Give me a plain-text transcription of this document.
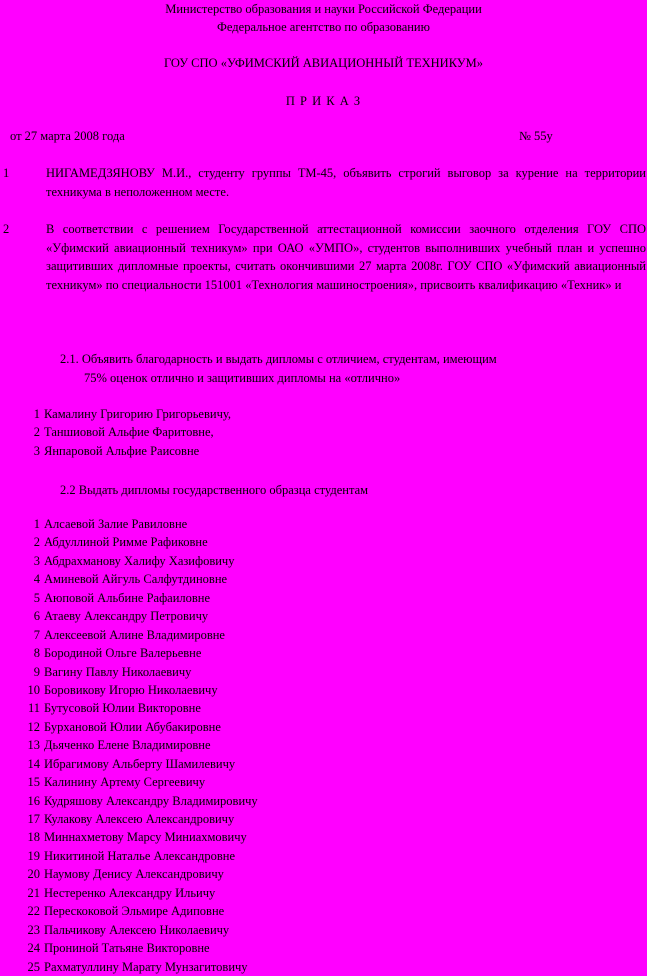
Министерство образования и науки Российской Федерации
Федеральное агентство по образованию
ГОУ СПО «УФИМСКИЙ АВИАЦИОННЫЙ ТЕХНИКУМ»
П Р И К А З
от 27 марта 2008 года	№ 55у
1	НИГАМЕДЗЯНОВУ М.И., студенту группы ТМ-45, объявить строгий выговор за курение на территории техникума в неположенном месте.
2	В соответствии с решением Государственной аттестационной комиссии заочного отделения ГОУ СПО «Уфимский авиационный техникум» при ОАО «УМПО», студентов выполнивших учебный план и успешно защитивших дипломные проекты, считать окончившими 27 марта 2008г. ГОУ СПО «Уфимский авиационный техникум» по специальности 151001 «Технология машиностроения», присвоить квалификацию «Техник» и
2.1. Объявить благодарность и выдать дипломы с отличием, студентам, имеющим
75% оценок отлично и защитивших дипломы на «отлично»
1 Камалину Григорию Григорьевичу,
2 Таншиовой Альфие Фаритовне,
3 Янпаровой Альфие Раисовне
2.2 Выдать дипломы государственного образца студентам
1 Алсаевой Залие Равиловне
2 Абдуллиной Римме Рафиковне
3 Абдрахманову Халифу Хазифовичу
4 Аминевой Айгуль Салфутдиновне
5 Аюповой Альбине Рафаиловне
6 Атаеву Александру Петровичу
7 Алексеевой Алине Владимировне
8 Бородиной Ольге Валерьевне
9 Вагину Павлу Николаевичу
10 Боровикову Игорю Николаевичу
11 Бутусовой Юлии Викторовне
12 Бурхановой Юлии Абубакировне
13 Дьяченко Елене Владимировне
14 Ибрагимову Альберту Шамилевичу
15 Калинину Артему Сергеевичу
16 Кудряшову Александру Владимировичу
17 Кулакову Алексею Александровичу
18 Миннахметову Марсу Миниахмовичу
19 Никитиной Наталье Александровне
20 Наумову Денису Александровичу
21 Нестеренко Александру Ильичу
22 Перескоковой Эльмире Адиповне
23 Пальчикову Алексею Николаевичу
24 Прониной Татьяне Викторовне
25 Рахматуллину Марату Мунзагитовичу
